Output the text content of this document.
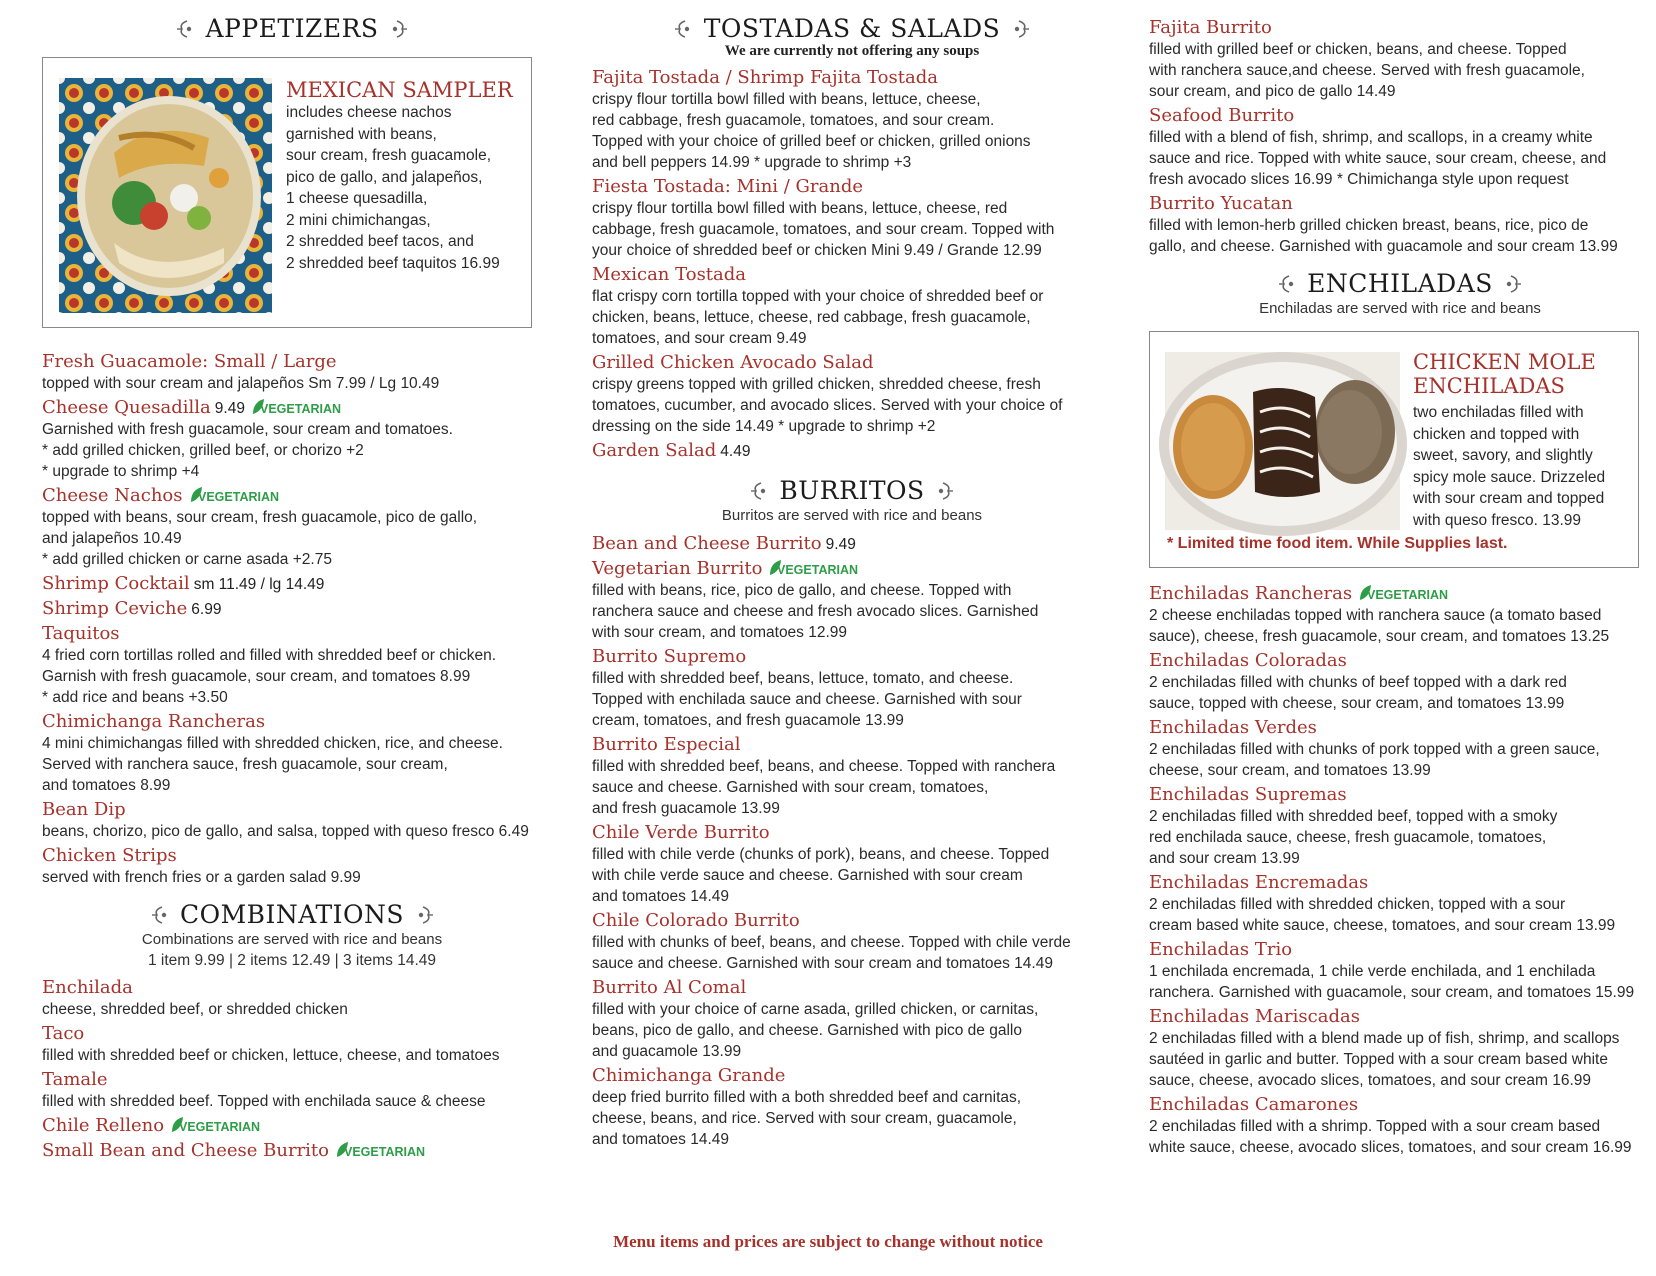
APPETIZERS
MEXICAN SAMPLER
includes cheese nachos
garnished with beans,
sour cream, fresh guacamole,
pico de gallo, and jalapeños,
1 cheese quesadilla,
2 mini chimichangas,
2 shredded beef tacos, and
2 shredded beef taquitos 16.99
Fresh Guacamole: Small / Large
topped with sour cream and jalapeños Sm 7.99 / Lg 10.49
Cheese Quesadilla 9.49 VEGETARIAN
Garnished with fresh guacamole, sour cream and tomatoes.
* add grilled chicken, grilled beef, or chorizo +2
* upgrade to shrimp +4
Cheese Nachos VEGETARIAN
topped with beans, sour cream, fresh guacamole, pico de gallo,
and jalapeños 10.49
* add grilled chicken or carne asada +2.75
Shrimp Cocktail sm 11.49 / lg 14.49
Shrimp Ceviche 6.99
Taquitos
4 fried corn tortillas rolled and filled with shredded beef or chicken.
Garnish with fresh guacamole, sour cream, and tomatoes 8.99
* add rice and beans +3.50
Chimichanga Rancheras
4 mini chimichangas filled with shredded chicken, rice, and cheese.
Served with ranchera sauce, fresh guacamole, sour cream,
and tomatoes 8.99
Bean Dip
beans, chorizo, pico de gallo, and salsa, topped with queso fresco 6.49
Chicken Strips
served with french fries or a garden salad 9.99
COMBINATIONS
Combinations are served with rice and beans
1 item 9.99 | 2 items 12.49 | 3 items 14.49
Enchilada
cheese, shredded beef, or shredded chicken
Taco
filled with shredded beef or chicken, lettuce, cheese, and tomatoes
Tamale
filled with shredded beef. Topped with enchilada sauce & cheese
Chile Relleno VEGETARIAN
Small Bean and Cheese Burrito VEGETARIAN
TOSTADAS & SALADS
We are currently not offering any soups
Fajita Tostada / Shrimp Fajita Tostada
crispy flour tortilla bowl filled with beans, lettuce, cheese,
red cabbage, fresh guacamole, tomatoes, and sour cream.
Topped with your choice of grilled beef or chicken, grilled onions
and bell peppers 14.99 * upgrade to shrimp +3
Fiesta Tostada: Mini / Grande
crispy flour tortilla bowl filled with beans, lettuce, cheese, red
cabbage, fresh guacamole, tomatoes, and sour cream. Topped with
your choice of shredded beef or chicken Mini 9.49 / Grande 12.99
Mexican Tostada
flat crispy corn tortilla topped with your choice of shredded beef or
chicken, beans, lettuce, cheese, red cabbage, fresh guacamole,
tomatoes, and sour cream 9.49
Grilled Chicken Avocado Salad
crispy greens topped with grilled chicken, shredded cheese, fresh
tomatoes, cucumber, and avocado slices. Served with your choice of
dressing on the side 14.49 * upgrade to shrimp +2
Garden Salad 4.49
BURRITOS
Burritos are served with rice and beans
Bean and Cheese Burrito 9.49
Vegetarian Burrito VEGETARIAN
filled with beans, rice, pico de gallo, and cheese. Topped with
ranchera sauce and cheese and fresh avocado slices. Garnished
with sour cream, and tomatoes 12.99
Burrito Supremo
filled with shredded beef, beans, lettuce, tomato, and cheese.
Topped with enchilada sauce and cheese. Garnished with sour
cream, tomatoes, and fresh guacamole 13.99
Burrito Especial
filled with shredded beef, beans, and cheese. Topped with ranchera
sauce and cheese. Garnished with sour cream, tomatoes,
and fresh guacamole 13.99
Chile Verde Burrito
filled with chile verde (chunks of pork), beans, and cheese. Topped
with chile verde sauce and cheese. Garnished with sour cream
and tomatoes 14.49
Chile Colorado Burrito
filled with chunks of beef, beans, and cheese. Topped with chile verde
sauce and cheese. Garnished with sour cream and tomatoes 14.49
Burrito Al Comal
filled with your choice of carne asada, grilled chicken, or carnitas,
beans, pico de gallo, and cheese. Garnished with pico de gallo
and guacamole 13.99
Chimichanga Grande
deep fried burrito filled with a both shredded beef and carnitas,
cheese, beans, and rice. Served with sour cream, guacamole,
and tomatoes 14.49
Fajita Burrito
filled with grilled beef or chicken, beans, and cheese. Topped
with ranchera sauce,and cheese. Served with fresh guacamole,
sour cream, and pico de gallo 14.49
Seafood Burrito
filled with a blend of fish, shrimp, and scallops, in a creamy white
sauce and rice. Topped with white sauce, sour cream, cheese, and
fresh avocado slices 16.99 * Chimichanga style upon request
Burrito Yucatan
filled with lemon-herb grilled chicken breast, beans, rice, pico de
gallo, and cheese. Garnished with guacamole and sour cream 13.99
ENCHILADAS
Enchiladas are served with rice and beans
CHICKEN MOLE
ENCHILADAS
two enchiladas filled with
chicken and topped with
sweet, savory, and slightly
spicy mole sauce. Drizzeled
with sour cream and topped
with queso fresco. 13.99
* Limited time food item. While Supplies last.
Enchiladas Rancheras VEGETARIAN
2 cheese enchiladas topped with ranchera sauce (a tomato based
sauce), cheese, fresh guacamole, sour cream, and tomatoes 13.25
Enchiladas Coloradas
2 enchiladas filled with chunks of beef topped with a dark red
sauce, topped with cheese, sour cream, and tomatoes 13.99
Enchiladas Verdes
2 enchiladas filled with chunks of pork topped with a green sauce,
cheese, sour cream, and tomatoes 13.99
Enchiladas Supremas
2 enchiladas filled with shredded beef, topped with a smoky
red enchilada sauce, cheese, fresh guacamole, tomatoes,
and sour cream 13.99
Enchiladas Encremadas
2 enchiladas filled with shredded chicken, topped with a sour
cream based white sauce, cheese, tomatoes, and sour cream 13.99
Enchiladas Trio
1 enchilada encremada, 1 chile verde enchilada, and 1 enchilada
ranchera. Garnished with guacamole, sour cream, and tomatoes 15.99
Enchiladas Mariscadas
2 enchiladas filled with a blend made up of fish, shrimp, and scallops
sautéed in garlic and butter. Topped with a sour cream based white
sauce, cheese, avocado slices, tomatoes, and sour cream 16.99
Enchiladas Camarones
2 enchiladas filled with a shrimp. Topped with a sour cream based
white sauce, cheese, avocado slices, tomatoes, and sour cream 16.99
Menu items and prices are subject to change without notice
